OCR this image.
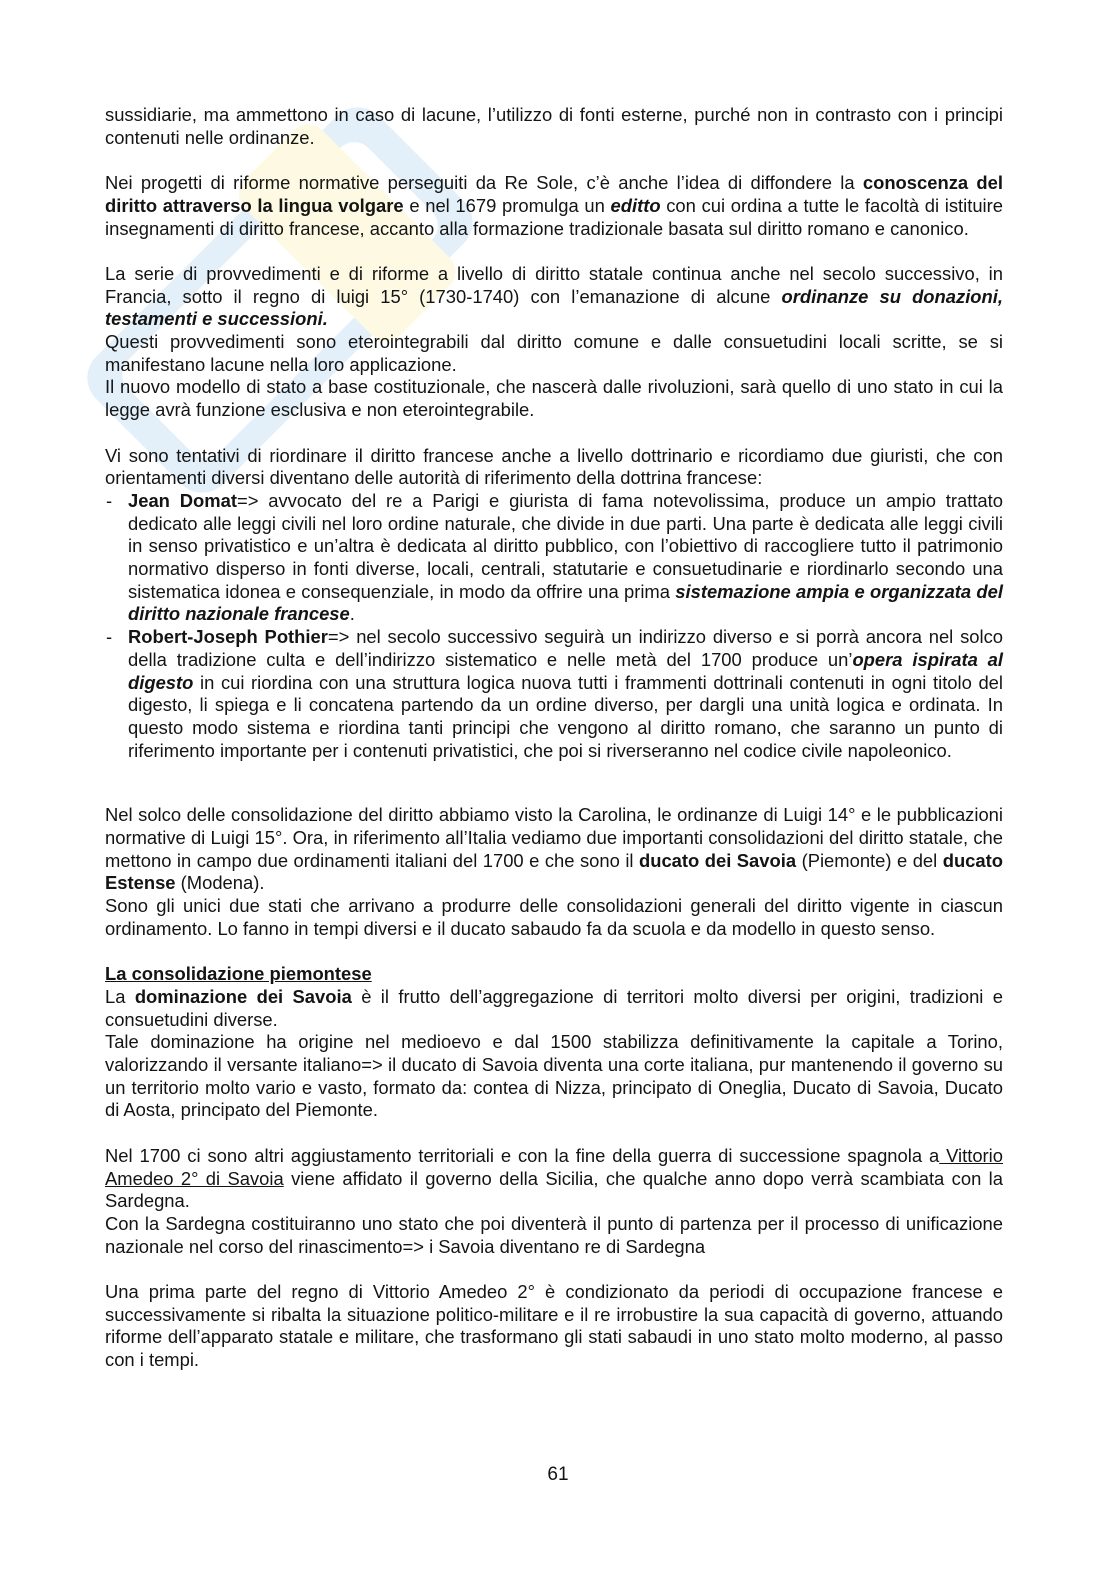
sussidiarie, ma ammettono in caso di lacune, l’utilizzo di fonti esterne, purché non in contrasto con i principi contenuti nelle ordinanze.
Nei progetti di riforme normative perseguiti da Re Sole, c’è anche l’idea di diffondere la conoscenza del diritto attraverso la lingua volgare e nel 1679 promulga un editto con cui ordina a tutte le facoltà di istituire insegnamenti di diritto francese, accanto alla formazione tradizionale basata sul diritto romano e canonico.
La serie di provvedimenti e di riforme a livello di diritto statale continua anche nel secolo successivo, in Francia, sotto il regno di luigi 15° (1730-1740) con l’emanazione di alcune ordinanze su donazioni, testamenti e successioni.
Questi provvedimenti sono eterointegrabili dal diritto comune e dalle consuetudini locali scritte, se si manifestano lacune nella loro applicazione.
Il nuovo modello di stato a base costituzionale, che nascerà dalle rivoluzioni, sarà quello di uno stato in cui la legge avrà funzione esclusiva e non eterointegrabile.
Vi sono tentativi di riordinare il diritto francese anche a livello dottrinario e ricordiamo due giuristi, che con orientamenti diversi diventano delle autorità di riferimento della dottrina francese:
- Jean Domat=> avvocato del re a Parigi e giurista di fama notevolissima, produce un ampio trattato dedicato alle leggi civili nel loro ordine naturale, che divide in due parti. Una parte è dedicata alle leggi civili in senso privatistico e un’altra è dedicata al diritto pubblico, con l’obiettivo di raccogliere tutto il patrimonio normativo disperso in fonti diverse, locali, centrali, statutarie e consuetudinarie e riordinarlo secondo una sistematica idonea e consequenziale, in modo da offrire una prima sistemazione ampia e organizzata del diritto nazionale francese.
- Robert-Joseph Pothier=> nel secolo successivo seguirà un indirizzo diverso e si porrà ancora nel solco della tradizione culta e dell’indirizzo sistematico e nelle metà del 1700 produce un’opera ispirata al digesto in cui riordina con una struttura logica nuova tutti i frammenti dottrinali contenuti in ogni titolo del digesto, li spiega e li concatena partendo da un ordine diverso, per dargli una unità logica e ordinata. In questo modo sistema e riordina tanti principi che vengono al diritto romano, che saranno un punto di riferimento importante per i contenuti privatistici, che poi si riverseranno nel codice civile napoleonico.
Nel solco delle consolidazione del diritto abbiamo visto la Carolina, le ordinanze di Luigi 14° e le pubblicazioni normative di Luigi 15°. Ora, in riferimento all’Italia vediamo due importanti consolidazioni del diritto statale, che mettono in campo due ordinamenti italiani del 1700 e che sono il ducato dei Savoia (Piemonte) e del ducato Estense (Modena).
Sono gli unici due stati che arrivano a produrre delle consolidazioni generali del diritto vigente in ciascun ordinamento. Lo fanno in tempi diversi e il ducato sabaudo fa da scuola e da modello in questo senso.
La consolidazione piemontese
La dominazione dei Savoia è il frutto dell’aggregazione di territori molto diversi per origini, tradizioni e consuetudini diverse.
Tale dominazione ha origine nel medioevo e dal 1500 stabilizza definitivamente la capitale a Torino, valorizzando il versante italiano=> il ducato di Savoia diventa una corte italiana, pur mantenendo il governo su un territorio molto vario e vasto, formato da: contea di Nizza, principato di Oneglia, Ducato di Savoia, Ducato di Aosta, principato del Piemonte.
Nel 1700 ci sono altri aggiustamento territoriali e con la fine della guerra di successione spagnola a Vittorio Amedeo 2° di Savoia viene affidato il governo della Sicilia, che qualche anno dopo verrà scambiata con la Sardegna.
Con la Sardegna costituiranno uno stato che poi diventerà il punto di partenza per il processo di unificazione nazionale nel corso del rinascimento=> i Savoia diventano re di Sardegna
Una prima parte del regno di Vittorio Amedeo 2° è condizionato da periodi di occupazione francese e successivamente si ribalta la situazione politico-militare e il re irrobustire la sua capacità di governo, attuando riforme dell’apparato statale e militare, che trasformano gli stati sabaudi in uno stato molto moderno, al passo con i tempi.
61
